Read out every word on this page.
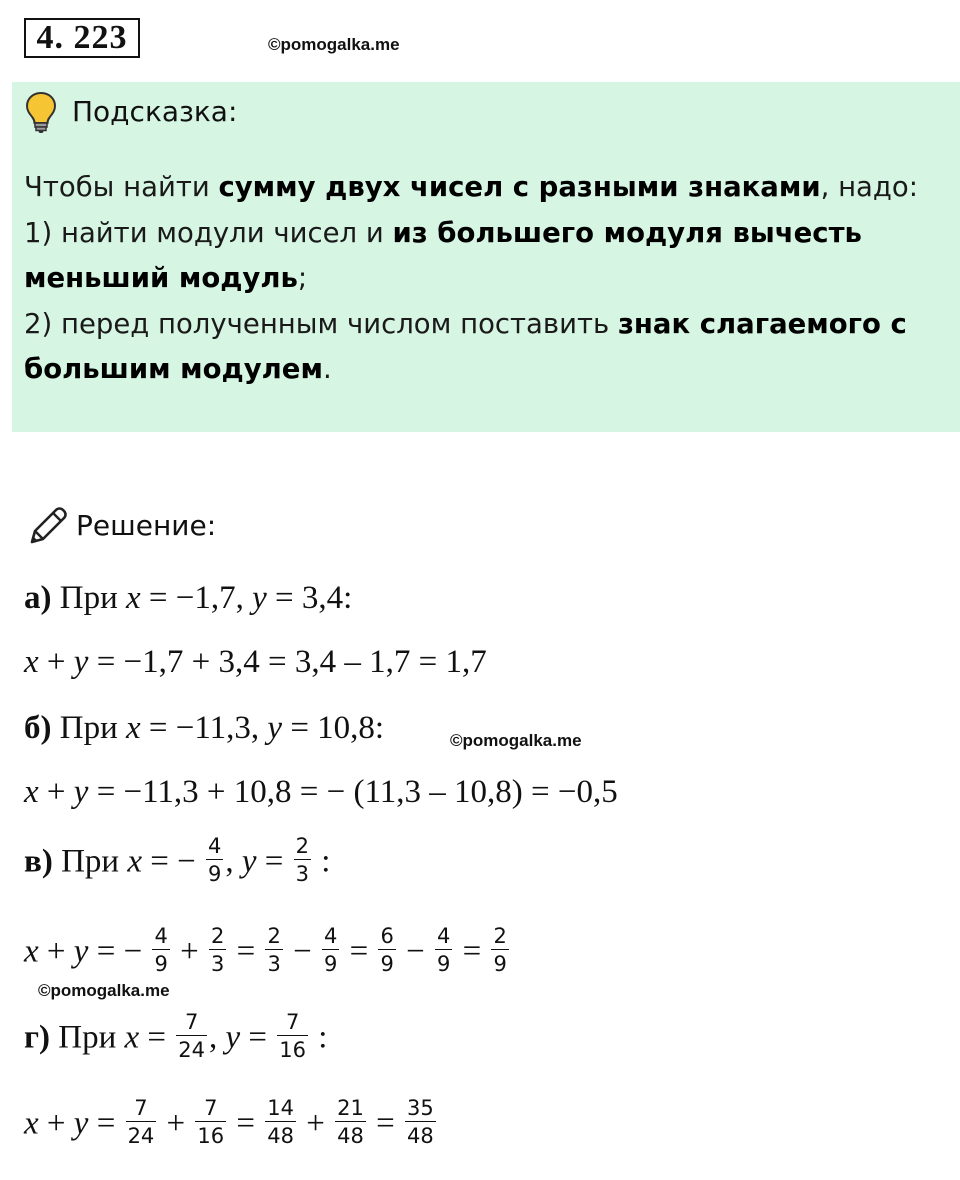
4. 223	©pomogalka.me
Подсказка:
Чтобы найти сумму двух чисел с разными знаками, надо:
1) найти модули чисел и из большего модуля вычесть
меньший модуль;
2) перед полученным числом поставить знак слагаемого с
большим модулем.
Решение:
а) При x = −1,7, y = 3,4:
x + y = −1,7 + 3,4 = 3,4 – 1,7 = 1,7
б) При x = −11,3, y = 10,8:	©pomogalka.me
x + y = −11,3 + 10,8 = − (11,3 – 10,8) = −0,5
в) При x = − $\frac{4}{9}$ , $y = \frac{2}{3}$ :
x + y = − $\frac{4}{9} + \frac{2}{3} = \frac{2}{3} - \frac{4}{9} = \frac{6}{9} - \frac{4}{9} = \frac{2}{9}$
©pomogalka.me
г) При $x = \frac{7}{24}$ , $y = \frac{7}{16}$ :
$x + y = \frac{7}{24} + \frac{7}{16} = \frac{14}{48} + \frac{21}{48} = \frac{35}{48}$
